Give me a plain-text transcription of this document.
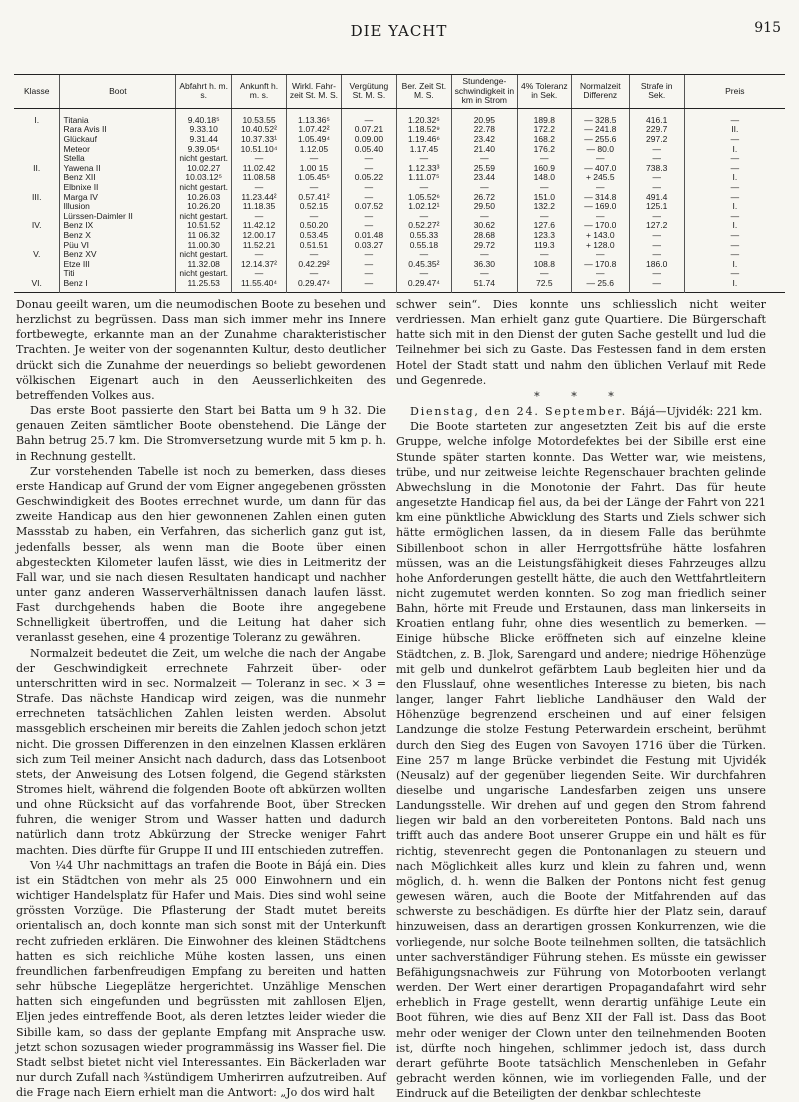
DIE YACHT	915
Klasse	Boot	Abfahrt h. m. s.	Ankunft h. m. s.	Wirkl. Fahr-zeit St. M. S.	Vergütung St. M. S.	Ber. Zeit St. M. S.	Stundenge-schwindigkeit in km in Strom	4% Toleranz in Sek.	Normalzeit Differenz	Strafe in Sek.	Preis
I.	Titania	9.40.18⁵	10.53.55	1.13.36⁵	—	1.20.32⁵	20.95	189.8	— 328.5	416.1	—
	Rara Avis II	9.33.10	10.40.52²	1.07.42²	0.07.21	1.18.52⁹	22.78	172.2	— 241.8	229.7	II.
	Glückauf	9.31.44	10.37.33¹	1.05.49⁴	0.09.00	1.19.46⁶	23.42	168.2	— 255.6	297.2	—
	Meteor	9.39.05⁴	10.51.10⁴	1.12.05	0.05.40	1.17.45	21.40	176.2	— 80.0	—	I.
	Stella	nicht gestart.	—	—	—	—	—	—	—	—	—
II.	Yawena II	10.02.27	11.02.42	1.00 15	—	1.12.33³	25.59	160.9	— 407.0	738.3	—
	Benz XII	10.03.12⁵	11.08.58	1.05.45⁵	0.05.22	1.11.07⁵	23.44	148.0	+ 245.5	—	I.
	Elbnixe II	nicht gestart.	—	—	—	—	—	—	—	—	—
III.	Marga IV	10.26.03	11.23.44²	0.57.41²	—	1.05.52⁶	26.72	151.0	— 314.8	491.4	—
	Illusion	10.26.20	11.18.35	0.52.15	0.07.52	1.02.12¹	29.50	132.2	— 169.0	125.1	I.
	Lürssen-Daimler II	nicht gestart.	—	—	—	—	—	—	—	—	—
IV.	Benz IX	10.51.52	11.42.12	0.50.20	—	0.52.27²	30.62	127.6	— 170.0	127.2	I.
	Benz X	11 06.32	12.00.17	0.53.45	0.01.48	0.55.33	28.68	123.3	+ 143.0	—	—
	Püu VI	11.00.30	11.52.21	0.51.51	0.03.27	0.55.18	29.72	119.3	+ 128.0	—	—
V.	Benz XV	nicht gestart.	—	—	—	—	—	—	—	—	—
	Etze III	11.32.08	12.14.37²	0.42.29²	—	0.45.35²	36.30	108.8	— 170.8	186.0	I.
	Titi	nicht gestart.	—	—	—	—	—	—	—	—	—
VI.	Benz I	11.25.53	11.55.40⁴	0.29.47⁴	—	0.29.47⁴	51.74	72.5	— 25.6	—	I.

Donau geeilt waren, um die neumodischen Boote zu besehen und herzlichst zu begrüssen. Dass man sich immer mehr ins Innere fortbewegte, erkannte man an der Zunahme charakteristischer Trachten. Je weiter von der sogenannten Kultur, desto deutlicher drückt sich die Zunahme der neuerdings so beliebt gewordenen völkischen Eigenart auch in den Aeusserlichkeiten des betreffenden Volkes aus.

Das erste Boot passierte den Start bei Batta um 9 h 32. Die genauen Zeiten sämtlicher Boote obenstehend. Die Länge der Bahn betrug 25.7 km. Die Stromversetzung wurde mit 5 km p. h. in Rechnung gestellt.

Zur vorstehenden Tabelle ist noch zu bemerken, dass dieses erste Handicap auf Grund der vom Eigner angegebenen grössten Geschwindigkeit des Bootes errechnet wurde, um dann für das zweite Handicap aus den hier gewonnenen Zahlen einen guten Massstab zu haben, ein Verfahren, das sicherlich ganz gut ist, jedenfalls besser, als wenn man die Boote über einen abgesteckten Kilometer laufen lässt, wie dies in Leitmeritz der Fall war, und sie nach diesen Resultaten handicapt und nachher unter ganz anderen Wasserverhältnissen danach laufen lässt. Fast durchgehends haben die Boote ihre angegebene Schnelligkeit übertroffen, und die Leitung hat daher sich veranlasst gesehen, eine 4 prozentige Toleranz zu gewähren.

Normalzeit bedeutet die Zeit, um welche die nach der Angabe der Geschwindigkeit errechnete Fahrzeit über- oder unterschritten wird in sec. Normalzeit — Toleranz in sec. × 3 = Strafe. Das nächste Handicap wird zeigen, was die nunmehr errechneten tatsächlichen Zahlen leisten werden. Absolut massgeblich erscheinen mir bereits die Zahlen jedoch schon jetzt nicht. Die grossen Differenzen in den einzelnen Klassen erklären sich zum Teil meiner Ansicht nach dadurch, dass das Lotsenboot stets, der Anweisung des Lotsen folgend, die Gegend stärksten Stromes hielt, während die folgenden Boote oft abkürzen wollten und ohne Rücksicht auf das vorfahrende Boot, über Strecken fuhren, die weniger Strom und Wasser hatten und dadurch natürlich dann trotz Abkürzung der Strecke weniger Fahrt machten. Dies dürfte für Gruppe II und III entschieden zutreffen.

Von ¼4 Uhr nachmittags an trafen die Boote in Bájá ein. Dies ist ein Städtchen von mehr als 25 000 Einwohnern und ein wichtiger Handelsplatz für Hafer und Mais. Dies sind wohl seine grössten Vorzüge. Die Pflasterung der Stadt mutet bereits orientalisch an, doch konnte man sich sonst mit der Unterkunft recht zufrieden erklären. Die Einwohner des kleinen Städtchens hatten es sich reichliche Mühe kosten lassen, uns einen freundlichen farbenfreudigen Empfang zu bereiten und hatten sehr hübsche Liegeplätze hergerichtet. Unzählige Menschen hatten sich eingefunden und begrüssten mit zahllosen Eljen, Eljen jedes eintreffende Boot, als deren letztes leider wieder die Sibille kam, so dass der geplante Empfang mit Ansprache usw. jetzt schon sozusagen wieder programmässig ins Wasser fiel. Die Stadt selbst bietet nicht viel Interessantes. Ein Bäckerladen war nur durch Zufall nach ¾stündigem Umherirren aufzutreiben. Auf die Frage nach Eiern erhielt man die Antwort: „Jo dos wird halt

schwer sein“. Dies konnte uns schliesslich nicht weiter verdriessen. Man erhielt ganz gute Quartiere. Die Bürgerschaft hatte sich mit in den Dienst der guten Sache gestellt und lud die Teilnehmer bei sich zu Gaste. Das Festessen fand in dem ersten Hotel der Stadt statt und nahm den üblichen Verlauf mit Rede und Gegenrede.

* * *

Dienstag, den 24. September. Bájá—Ujvidék: 221 km.

Die Boote starteten zur angesetzten Zeit bis auf die erste Gruppe, welche infolge Motordefektes bei der Sibille erst eine Stunde später starten konnte. Das Wetter war, wie meistens, trübe, und nur zeitweise leichte Regenschauer brachten gelinde Abwechslung in die Monotonie der Fahrt. Das für heute angesetzte Handicap fiel aus, da bei der Länge der Fahrt von 221 km eine pünktliche Abwicklung des Starts und Ziels schwer sich hätte ermöglichen lassen, da in diesem Falle das berühmte Sibillenboot schon in aller Herrgottsfrühe hätte losfahren müssen, was an die Leistungsfähigkeit dieses Fahrzeuges allzu hohe Anforderungen gestellt hätte, die auch den Wettfahrtleitern nicht zugemutet werden konnten. So zog man friedlich seiner Bahn, hörte mit Freude und Erstaunen, dass man linkerseits in Kroatien entlang fuhr, ohne dies wesentlich zu bemerken. — Einige hübsche Blicke eröffneten sich auf einzelne kleine Städtchen, z. B. Jlok, Sarengard und andere; niedrige Höhenzüge mit gelb und dunkelrot gefärbtem Laub begleiten hier und da den Flusslauf, ohne wesentliches Interesse zu bieten, bis nach langer, langer Fahrt liebliche Landhäuser den Wald der Höhenzüge begrenzend erscheinen und auf einer felsigen Landzunge die stolze Festung Peterwardein erscheint, berühmt durch den Sieg des Eugen von Savoyen 1716 über die Türken. Eine 257 m lange Brücke verbindet die Festung mit Ujvidék (Neusalz) auf der gegenüber liegenden Seite. Wir durchfahren dieselbe und ungarische Landesfarben zeigen uns unsere Landungsstelle. Wir drehen auf und gegen den Strom fahrend liegen wir bald an den vorbereiteten Pontons. Bald nach uns trifft auch das andere Boot unserer Gruppe ein und hält es für richtig, stevenrecht gegen die Pontonanlagen zu steuern und nach Möglichkeit alles kurz und klein zu fahren und, wenn möglich, d. h. wenn die Balken der Pontons nicht fest genug gewesen wären, auch die Boote der Mitfahrenden auf das schwerste zu beschädigen. Es dürfte hier der Platz sein, darauf hinzuweisen, dass an derartigen grossen Konkurrenzen, wie die vorliegende, nur solche Boote teilnehmen sollten, die tatsächlich unter sachverständiger Führung stehen. Es müsste ein gewisser Befähigungsnachweis zur Führung von Motorbooten verlangt werden. Der Wert einer derartigen Propagandafahrt wird sehr erheblich in Frage gestellt, wenn derartig unfähige Leute ein Boot führen, wie dies auf Benz XII der Fall ist. Dass das Boot mehr oder weniger der Clown unter den teilnehmenden Booten ist, dürfte noch hingehen, schlimmer jedoch ist, dass durch derart geführte Boote tatsächlich Menschenleben in Gefahr gebracht werden können, wie im vorliegenden Falle, und der Eindruck auf die Beteiligten der denkbar schlechteste
